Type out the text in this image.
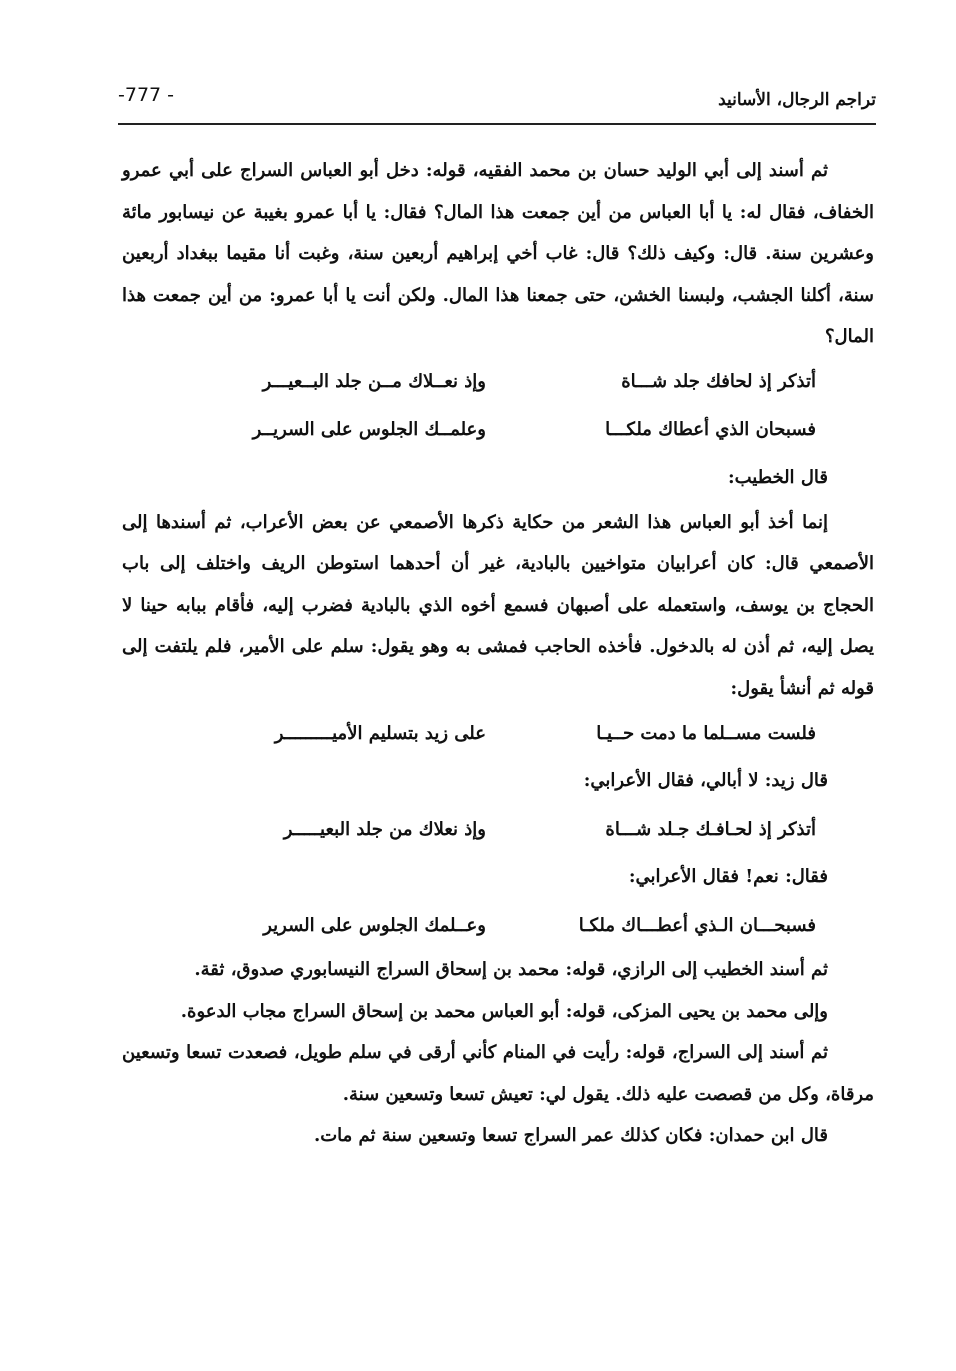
تراجم الرجال، الأسانيد
-777 -

ثم أسند إلى أبي الوليد حسان بن محمد الفقيه، قوله: دخل أبو العباس السراج على أبي عمرو الخفاف، فقال له: يا أبا العباس من أين جمعت هذا المال؟ فقال: يا أبا عمرو بغيبة عن نيسابور مائة وعشرين سنة. قال: وكيف ذلك؟ قال: غاب أخي إبراهيم أربعين سنة، وغبت أنا مقيما ببغداد أربعين سنة، أكلنا الجشب، ولبسنا الخشن، حتى جمعنا هذا المال. ولكن أنت يا أبا عمرو: من أين جمعت هذا المال؟

أتذكر إذ لحافك جلد شـــاة
وإذ نعــلاك مــن جلد البــعيـــر
فسبحان الذي أعطاك ملكـــا
وعلمــك الجلوس على السريــر

قال الخطيب:

إنما أخذ أبو العباس هذا الشعر من حكاية ذكرها الأصمعي عن بعض الأعراب، ثم أسندها إلى الأصمعي قال: كان أعرابيان متواخيين بالبادية، غير أن أحدهما استوطن الريف واختلف إلى باب الحجاج بن يوسف، واستعمله على أصبهان فسمع أخوه الذي بالبادية فضرب إليه، فأقام ببابه حينا لا يصل إليه، ثم أذن له بالدخول. فأخذه الحاجب فمشى به وهو يقول: سلم على الأمير، فلم يلتفت إلى قوله ثم أنشأ يقول:

فلست مســلما ما دمت حــيـا
على زيد بتسليم الأميـــــــــر

قال زيد: لا أبالي، فقال الأعرابي:

أتذكر إذ لحـافـك جـلد شـــاة
وإذ نعلاك من جلد البعيـــــر

فقال: نعم! فقال الأعرابي:

فسبحـــان الـذي أعطـــاك ملكـا
وعــلمك الجلوس على السرير

ثم أسند الخطيب إلى الرازي، قوله: محمد بن إسحاق السراج النيسابوري صدوق، ثقة.

وإلى محمد بن يحيى المزكى، قوله: أبو العباس محمد بن إسحاق السراج مجاب الدعوة.

ثم أسند إلى السراج، قوله: رأيت في المنام كأني أرقى في سلم طويل، فصعدت تسعا وتسعين مرقاة، وكل من قصصت عليه ذلك. يقول لي: تعيش تسعا وتسعين سنة.

قال ابن حمدان: فكان كذلك عمر السراج تسعا وتسعين سنة ثم مات.
